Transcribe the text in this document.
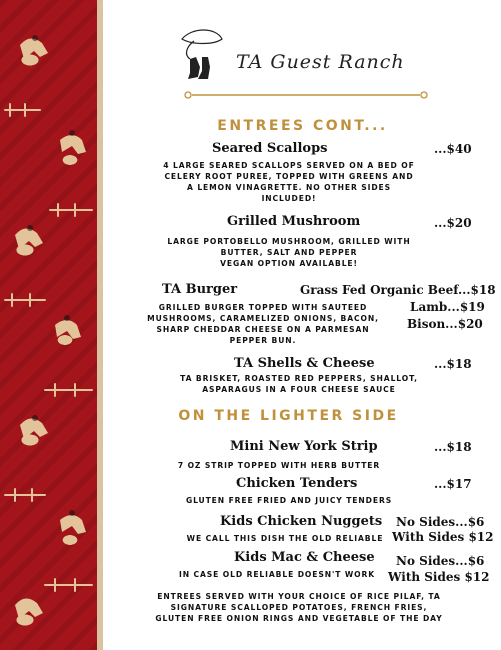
TA Guest Ranch
ENTREES CONT...
Seared Scallops	...$40
4 LARGE SEARED SCALLOPS SERVED ON A BED OF
CELERY ROOT PUREE, TOPPED WITH GREENS AND
A LEMON VINAGRETTE. NO OTHER SIDES
INCLUDED!
Grilled Mushroom	...$20
LARGE PORTOBELLO MUSHROOM, GRILLED WITH
BUTTER, SALT AND PEPPER
VEGAN OPTION AVAILABLE!
TA Burger	Grass Fed Organic Beef...$18
Lamb...$19
Bison...$20
GRILLED BURGER TOPPED WITH SAUTEED
MUSHROOMS, CARAMELIZED ONIONS, BACON,
SHARP CHEDDAR CHEESE ON A PARMESAN
PEPPER BUN.
TA Shells & Cheese	...$18
TA BRISKET, ROASTED RED PEPPERS, SHALLOT,
ASPARAGUS IN A FOUR CHEESE SAUCE
ON THE LIGHTER SIDE
Mini New York Strip	...$18
7 OZ STRIP TOPPED WITH HERB BUTTER
Chicken Tenders	...$17
GLUTEN FREE FRIED AND JUICY TENDERS
Kids Chicken Nuggets No Sides...$6
With Sides $12
WE CALL THIS DISH THE OLD RELIABLE
Kids Mac & Cheese No Sides...$6
With Sides $12
IN CASE OLD RELIABLE DOESN'T WORK
ENTREES SERVED WITH YOUR CHOICE OF RICE PILAF, TA
SIGNATURE SCALLOPED POTATOES, FRENCH FRIES,
GLUTEN FREE ONION RINGS AND VEGETABLE OF THE DAY
